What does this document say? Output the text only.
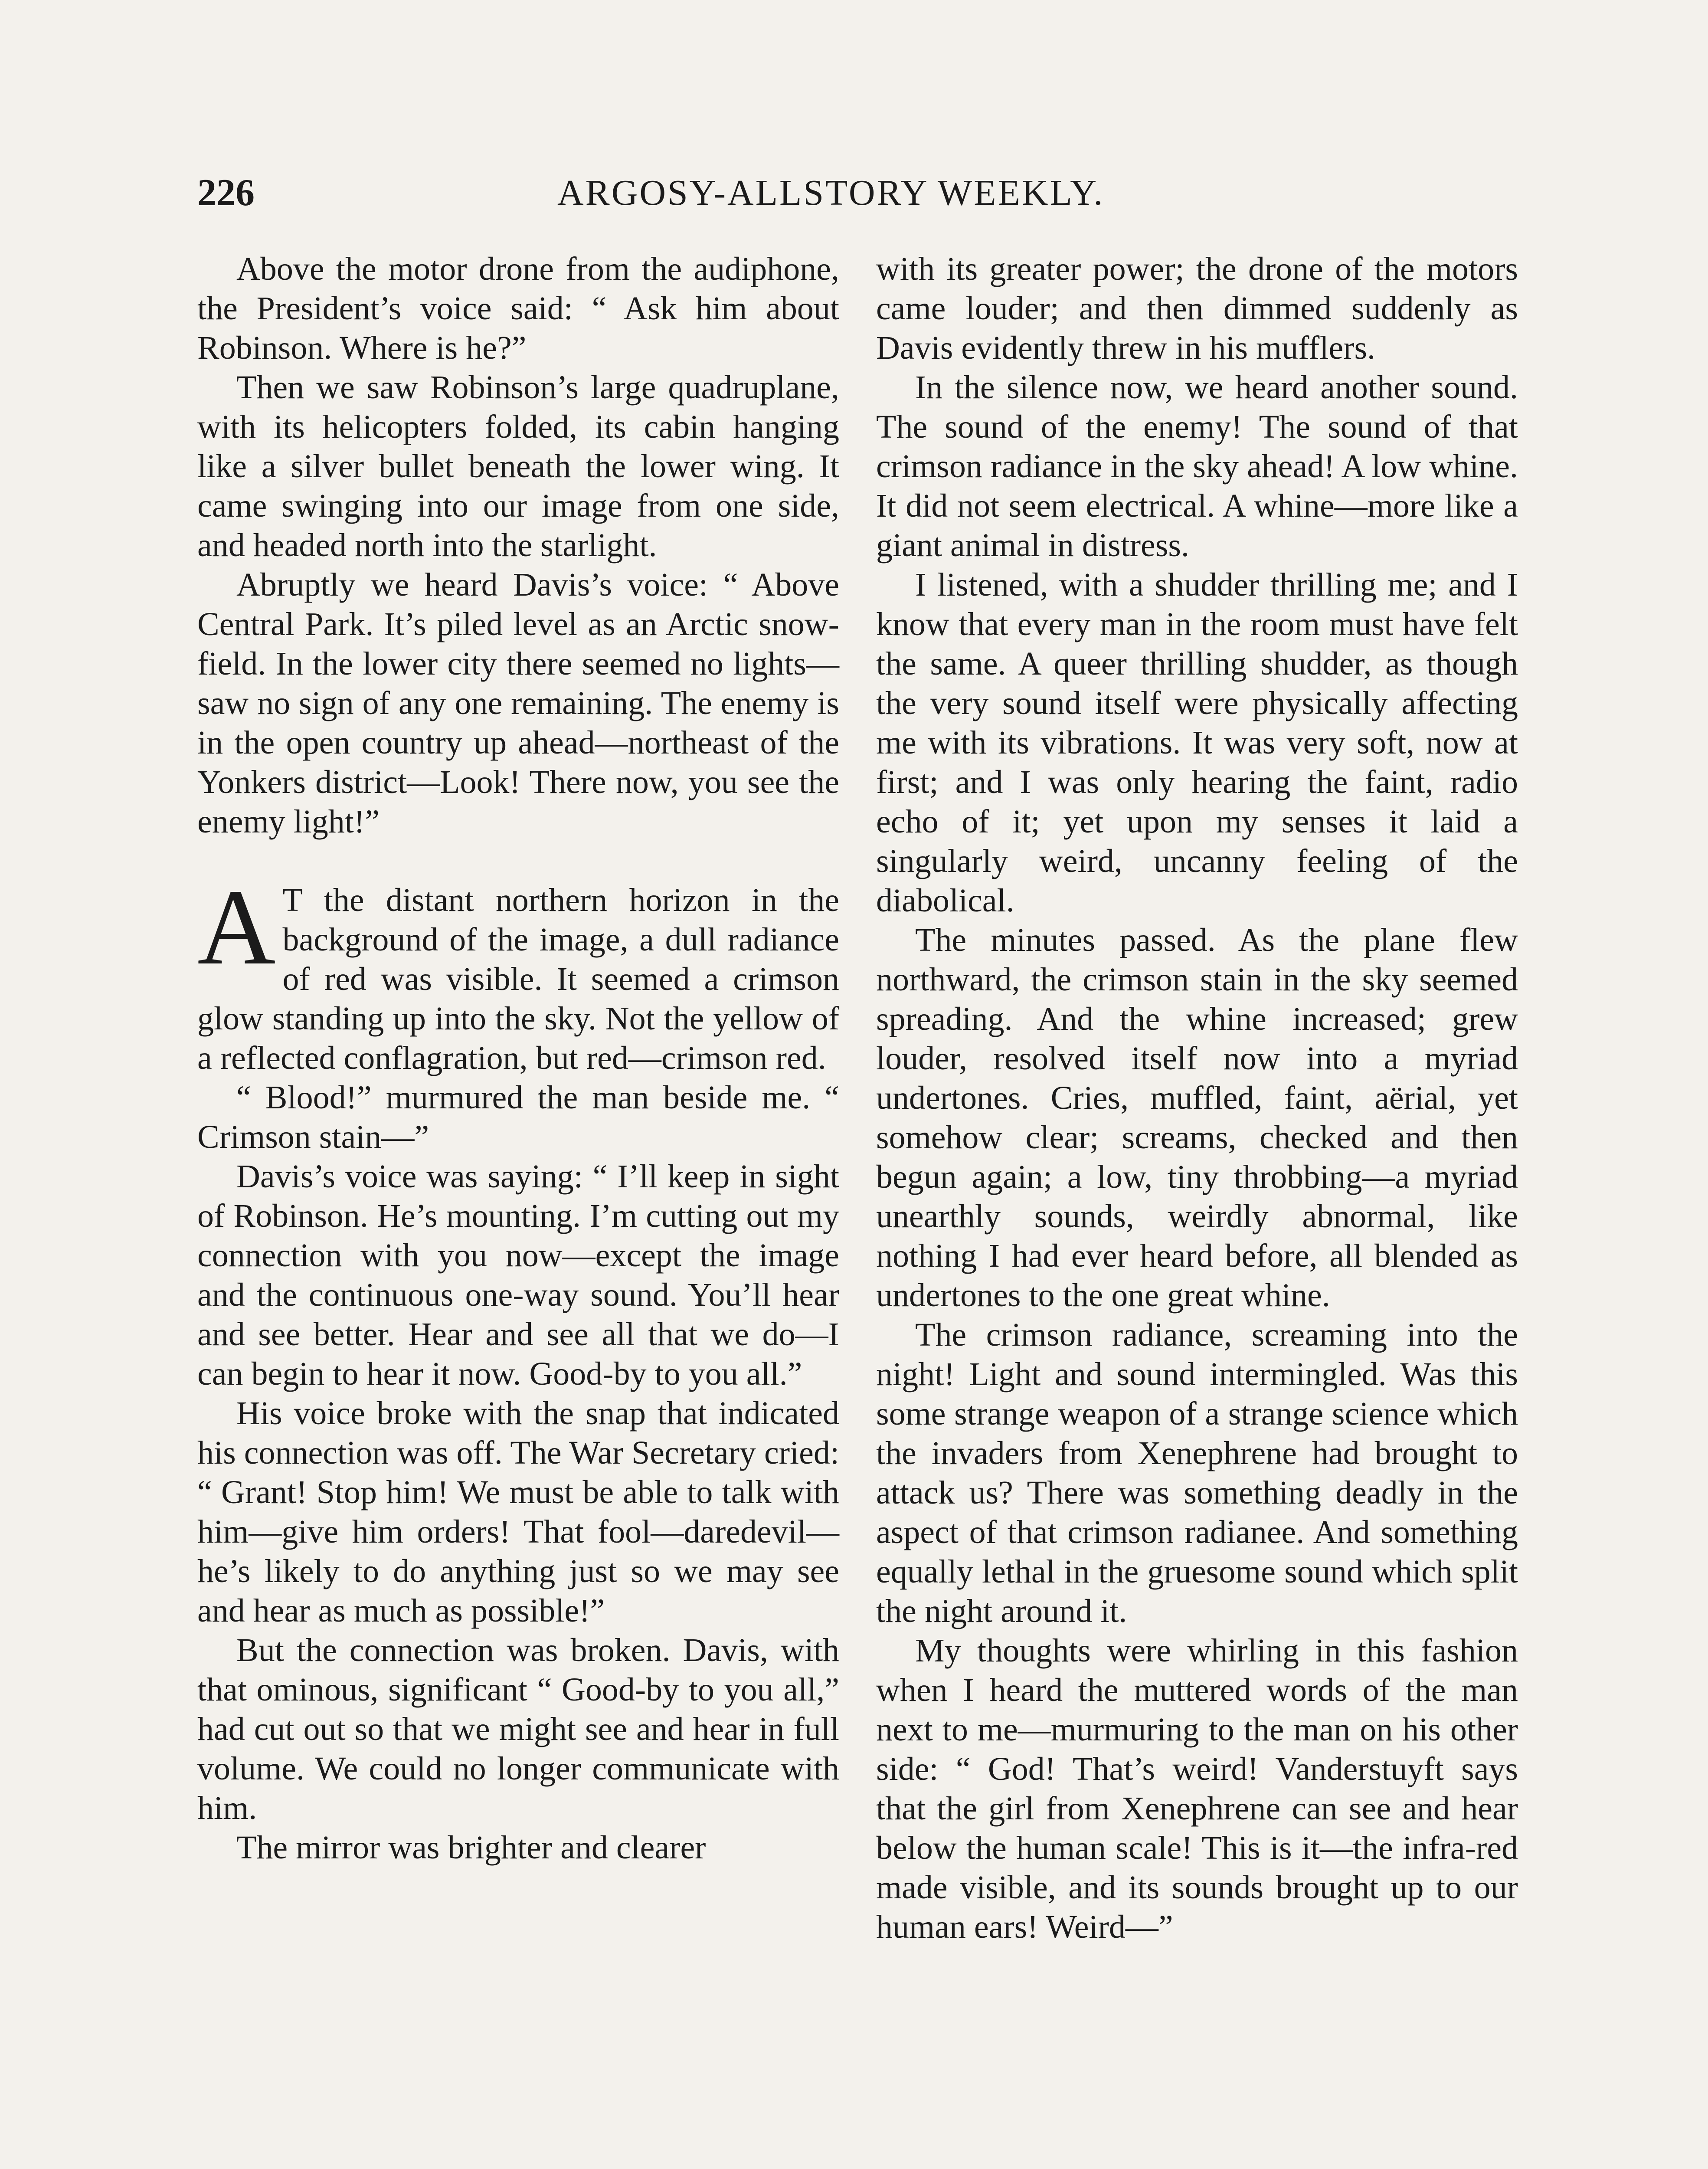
226	ARGOSY-ALLSTORY WEEKLY.

Above the motor drone from the audiphone, the President’s voice said: “ Ask him about Robinson. Where is he?”

Then we saw Robinson’s large quadruplane, with its helicopters folded, its cabin hanging like a silver bullet beneath the lower wing. It came swinging into our image from one side, and headed north into the starlight.

Abruptly we heard Davis’s voice: “ Above Central Park. It’s piled level as an Arctic snow-field. In the lower city there seemed no lights—saw no sign of any one remaining. The enemy is in the open country up ahead—northeast of the Yonkers district—Look! There now, you see the enemy light!”

A T the distant northern horizon in the background of the image, a dull radiance of red was visible. It seemed a crimson glow standing up into the sky. Not the yellow of a reflected conflagration, but red—crimson red.

“ Blood!” murmured the man beside me. “ Crimson stain—”

Davis’s voice was saying: “ I’ll keep in sight of Robinson. He’s mounting. I’m cutting out my connection with you now—except the image and the continuous one-way sound. You’ll hear and see better. Hear and see all that we do—I can begin to hear it now. Good-by to you all.”

His voice broke with the snap that indicated his connection was off. The War Secretary cried: “ Grant! Stop him! We must be able to talk with him—give him orders! That fool—daredevil—he’s likely to do anything just so we may see and hear as much as possible!”

But the connection was broken. Davis, with that ominous, significant “ Good-by to you all,” had cut out so that we might see and hear in full volume. We could no longer communicate with him.

The mirror was brighter and clearer

with its greater power; the drone of the motors came louder; and then dimmed suddenly as Davis evidently threw in his mufflers.

In the silence now, we heard another sound. The sound of the enemy! The sound of that crimson radiance in the sky ahead! A low whine. It did not seem electrical. A whine—more like a giant animal in distress.

I listened, with a shudder thrilling me; and I know that every man in the room must have felt the same. A queer thrilling shudder, as though the very sound itself were physically affecting me with its vibrations. It was very soft, now at first; and I was only hearing the faint, radio echo of it; yet upon my senses it laid a singularly weird, uncanny feeling of the diabolical.

The minutes passed. As the plane flew northward, the crimson stain in the sky seemed spreading. And the whine increased; grew louder, resolved itself now into a myriad undertones. Cries, muffled, faint, aërial, yet somehow clear; screams, checked and then begun again; a low, tiny throbbing—a myriad unearthly sounds, weirdly abnormal, like nothing I had ever heard before, all blended as undertones to the one great whine.

The crimson radiance, screaming into the night! Light and sound intermingled. Was this some strange weapon of a strange science which the invaders from Xenephrene had brought to attack us? There was something deadly in the aspect of that crimson radianee. And something equally lethal in the gruesome sound which split the night around it.

My thoughts were whirling in this fashion when I heard the muttered words of the man next to me—murmuring to the man on his other side: “ God! That’s weird! Vanderstuyft says that the girl from Xenephrene can see and hear below the human scale! This is it—the infra-red made visible, and its sounds brought up to our human ears! Weird—”
